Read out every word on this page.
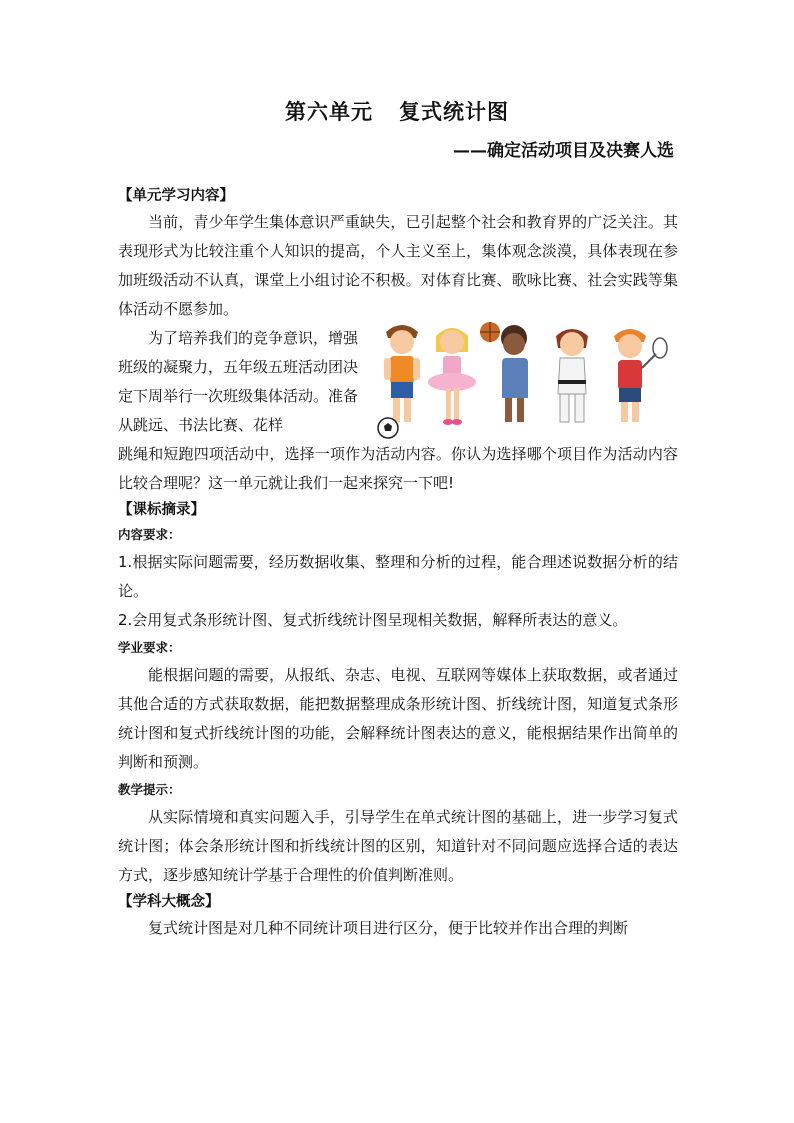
第六单元 复式统计图
——确定活动项目及决赛人选
【单元学习内容】

当前，青少年学生集体意识严重缺失，已引起整个社会和教育界的广泛关注。其表现形式为比较注重个人知识的提高，个人主义至上，集体观念淡漠，具体表现在参加班级活动不认真，课堂上小组讨论不积极。对体育比赛、歌咏比赛、社会实践等集体活动不愿参加。

为了培养我们的竞争意识，增强班级的凝聚力，五年级五班活动团决定下周举行一次班级集体活动。准备从跳远、书法比赛、花样

跳绳和短跑四项活动中，选择一项作为活动内容。你认为选择哪个项目作为活动内容比较合理呢？这一单元就让我们一起来探究一下吧!

【课标摘录】
内容要求：

1.根据实际问题需要，经历数据收集、整理和分析的过程，能合理述说数据分析的结论。

2.会用复式条形统计图、复式折线统计图呈现相关数据，解释所表达的意义。

学业要求：

能根据问题的需要，从报纸、杂志、电视、互联网等媒体上获取数据，或者通过其他合适的方式获取数据，能把数据整理成条形统计图、折线统计图，知道复式条形统计图和复式折线统计图的功能，会解释统计图表达的意义，能根据结果作出简单的判断和预测。

教学提示：

从实际情境和真实问题入手，引导学生在单式统计图的基础上，进一步学习复式统计图；体会条形统计图和折线统计图的区别，知道针对不同问题应选择合适的表达方式，逐步感知统计学基于合理性的价值判断准则。

【学科大概念】

复式统计图是对几种不同统计项目进行区分，便于比较并作出合理的判断
